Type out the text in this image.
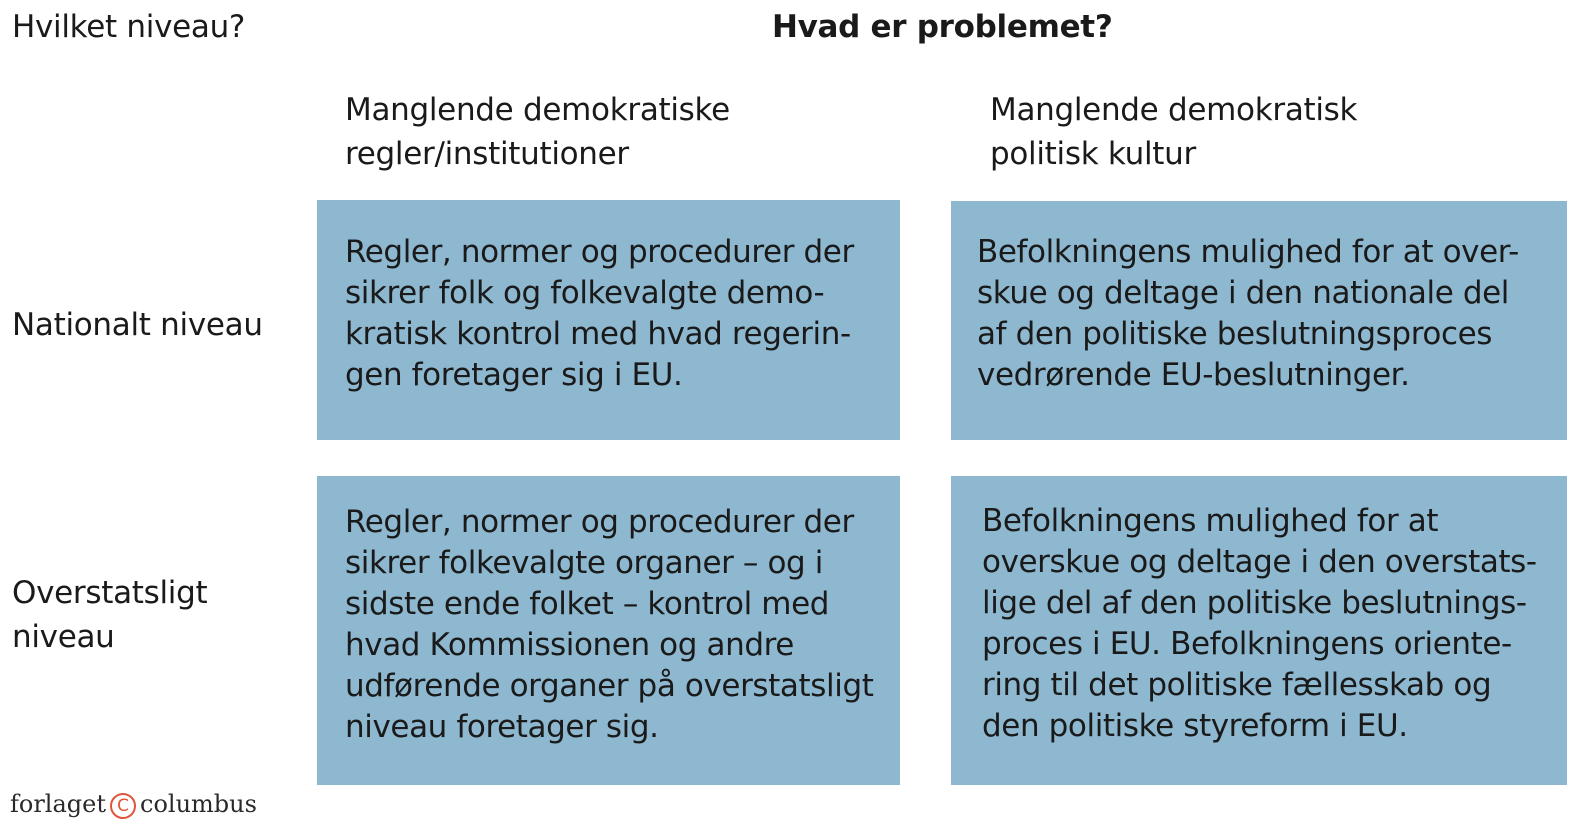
Hvilket niveau?	Hvad er problemet?
Manglende demokratiske
regler/institutioner
Manglende demokratisk
politisk kultur
Nationalt niveau
Overstatsligt
niveau
Regler, normer og procedurer der
sikrer folk og folkevalgte demo-
kratisk kontrol med hvad regerin-
gen foretager sig i EU.
Befolkningens mulighed for at over-
skue og deltage i den nationale del
af den politiske beslutningsproces
vedrørende EU-beslutninger.
Regler, normer og procedurer der
sikrer folkevalgte organer – og i
sidste ende folket – kontrol med
hvad Kommissionen og andre
udførende organer på overstatsligt
niveau foretager sig.
Befolkningens mulighed for at
overskue og deltage i den overstats-
lige del af den politiske beslutnings-
proces i EU. Befolkningens oriente-
ring til det politiske fællesskab og
den politiske styreform i EU.
forlaget C columbus
